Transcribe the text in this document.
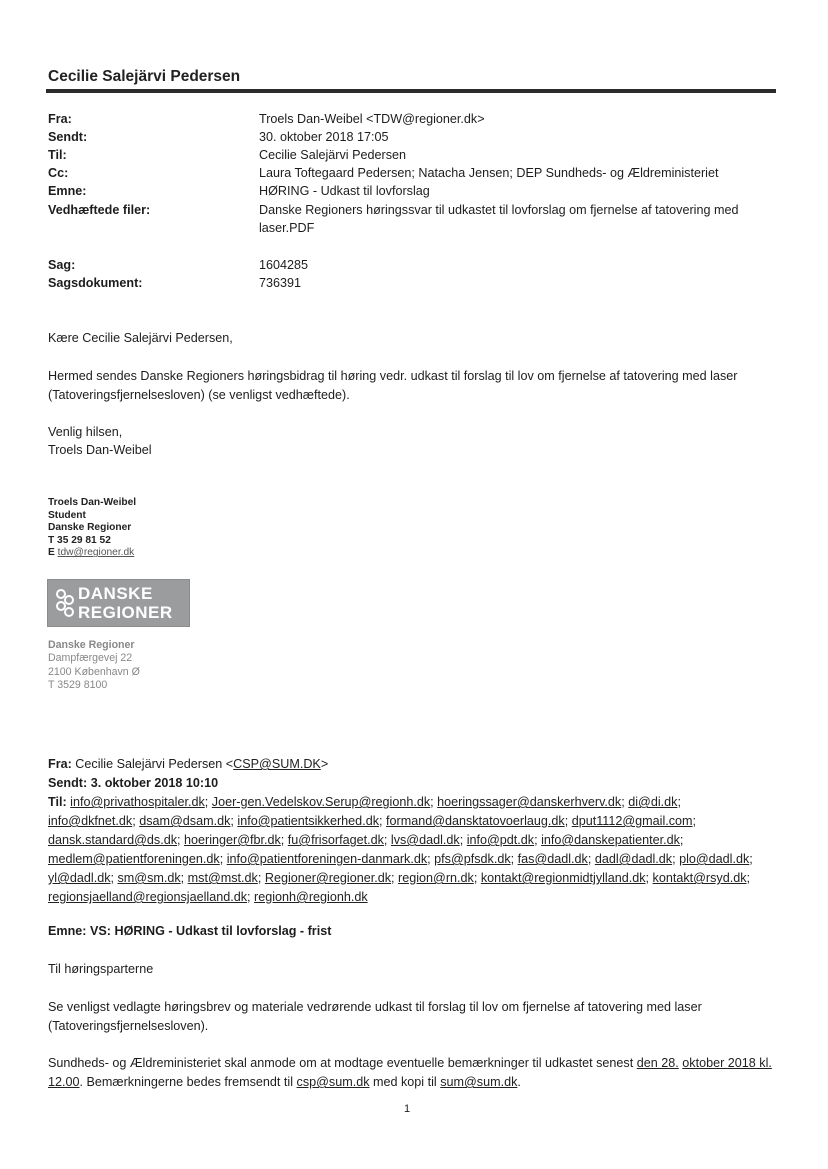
Cecilie Salejärvi Pedersen
Fra:	Troels Dan-Weibel <TDW@regioner.dk>
Sendt:	30. oktober 2018 17:05
Til:	Cecilie Salejärvi Pedersen
Cc:	Laura Toftegaard Pedersen; Natacha Jensen; DEP Sundheds- og Ældreministeriet
Emne:	HØRING - Udkast til lovforslag
Vedhæftede filer:	Danske Regioners høringssvar til udkastet til lovforslag om fjernelse af tatovering med laser.PDF
Sag:	1604285
Sagsdokument:	736391
Kære Cecilie Salejärvi Pedersen,
Hermed sendes Danske Regioners høringsbidrag til høring vedr. udkast til forslag til lov om fjernelse af tatovering med laser (Tatoveringsfjernelsesloven) (se venligst vedhæftede).
Venlig hilsen,
Troels Dan-Weibel
Troels Dan-Weibel
Student
Danske Regioner
T 35 29 81 52
E tdw@regioner.dk
DANSKE
REGIONER
Danske Regioner
Dampfærgevej 22
2100 København Ø
T 3529 8100
Fra: Cecilie Salejärvi Pedersen <CSP@SUM.DK>
Sendt: 3. oktober 2018 10:10
Til: info@privathospitaler.dk; Joer-gen.Vedelskov.Serup@regionh.dk; hoeringssager@danskerhverv.dk; di@di.dk; info@dkfnet.dk; dsam@dsam.dk; info@patientsikkerhed.dk; formand@dansktatovoerlaug.dk; dput1112@gmail.com; dansk.standard@ds.dk; hoeringer@fbr.dk; fu@frisorfaget.dk; lvs@dadl.dk; info@pdt.dk; info@danskepatienter.dk; medlem@patientforeningen.dk; info@patientforeningen-danmark.dk; pfs@pfsdk.dk; fas@dadl.dk; dadl@dadl.dk; plo@dadl.dk; yl@dadl.dk; sm@sm.dk; mst@mst.dk; Regioner@regioner.dk; region@rn.dk; kontakt@regionmidtjylland.dk; kontakt@rsyd.dk; regionsjaelland@regionsjaelland.dk; regionh@regionh.dk
Emne: VS: HØRING - Udkast til lovforslag - frist
Til høringsparterne
Se venligst vedlagte høringsbrev og materiale vedrørende udkast til forslag til lov om fjernelse af tatovering med laser (Tatoveringsfjernelsesloven).
Sundheds- og Ældreministeriet skal anmode om at modtage eventuelle bemærkninger til udkastet senest den 28. oktober 2018 kl. 12.00. Bemærkningerne bedes fremsendt til csp@sum.dk med kopi til sum@sum.dk.
1
